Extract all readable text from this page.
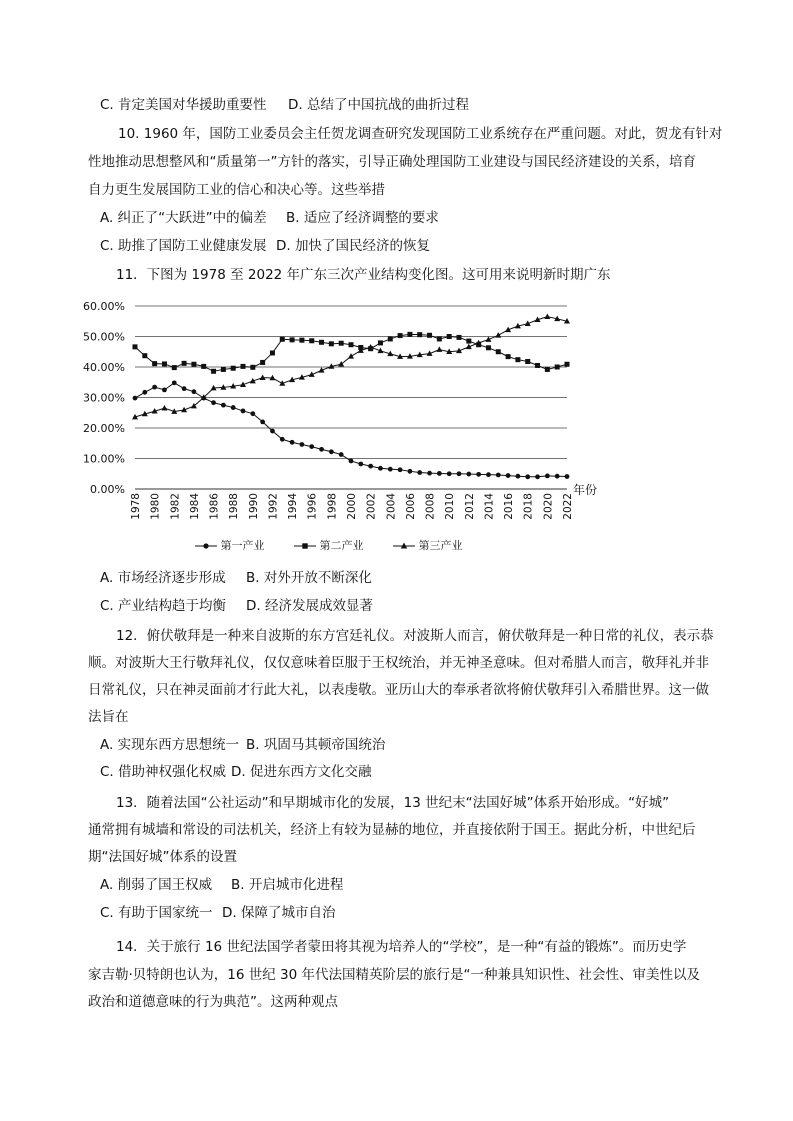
C. 肯定美国对华援助重要性 D. 总结了中国抗战的曲折过程
10. 1960 年，国防工业委员会主任贺龙调查研究发现国防工业系统存在严重问题。对此，贺龙有针对
性地推动思想整风和“质量第一”方针的落实，引导正确处理国防工业建设与国民经济建设的关系，培育
自力更生发展国防工业的信心和决心等。这些举措
A. 纠正了“大跃进”中的偏差 B. 适应了经济调整的要求
C. 助推了国防工业健康发展 D. 加快了国民经济的恢复
11．下图为 1978 至 2022 年广东三次产业结构变化图。这可用来说明新时期广东
0.00%
10.00%
20.00%
30.00%
40.00%
50.00%
60.00%
1978 1980 1982 1984 1986 1988 1990 1992 1994 1996 1998 2000 2002 2004 2006 2008 2010 2012 2014 2016 2018 2020 2022
年份
第一产业	第二产业	第三产业
A. 市场经济逐步形成 B. 对外开放不断深化
C. 产业结构趋于均衡 D. 经济发展成效显著
12．俯伏敬拜是一种来自波斯的东方宫廷礼仪。对波斯人而言，俯伏敬拜是一种日常的礼仪，表示恭
顺。对波斯大王行敬拜礼仪，仅仅意味着臣服于王权统治，并无神圣意味。但对希腊人而言，敬拜礼并非
日常礼仪，只在神灵面前才行此大礼，以表虔敬。亚历山大的奉承者欲将俯伏敬拜引入希腊世界。这一做
法旨在
A. 实现东西方思想统一 B. 巩固马其顿帝国统治
C. 借助神权强化权威 D. 促进东西方文化交融
13．随着法国“公社运动”和早期城市化的发展，13 世纪末“法国好城”体系开始形成。“好城”
通常拥有城墙和常设的司法机关，经济上有较为显赫的地位，并直接依附于国王。据此分析，中世纪后
期“法国好城”体系的设置
A. 削弱了国王权威 B. 开启城市化进程
C. 有助于国家统一 D. 保障了城市自治
14．关于旅行 16 世纪法国学者蒙田将其视为培养人的“学校”，是一种“有益的锻炼”。而历史学
家吉勒·贝特朗也认为，16 世纪 30 年代法国精英阶层的旅行是“一种兼具知识性、社会性、审美性以及
政治和道德意味的行为典范”。这两种观点
